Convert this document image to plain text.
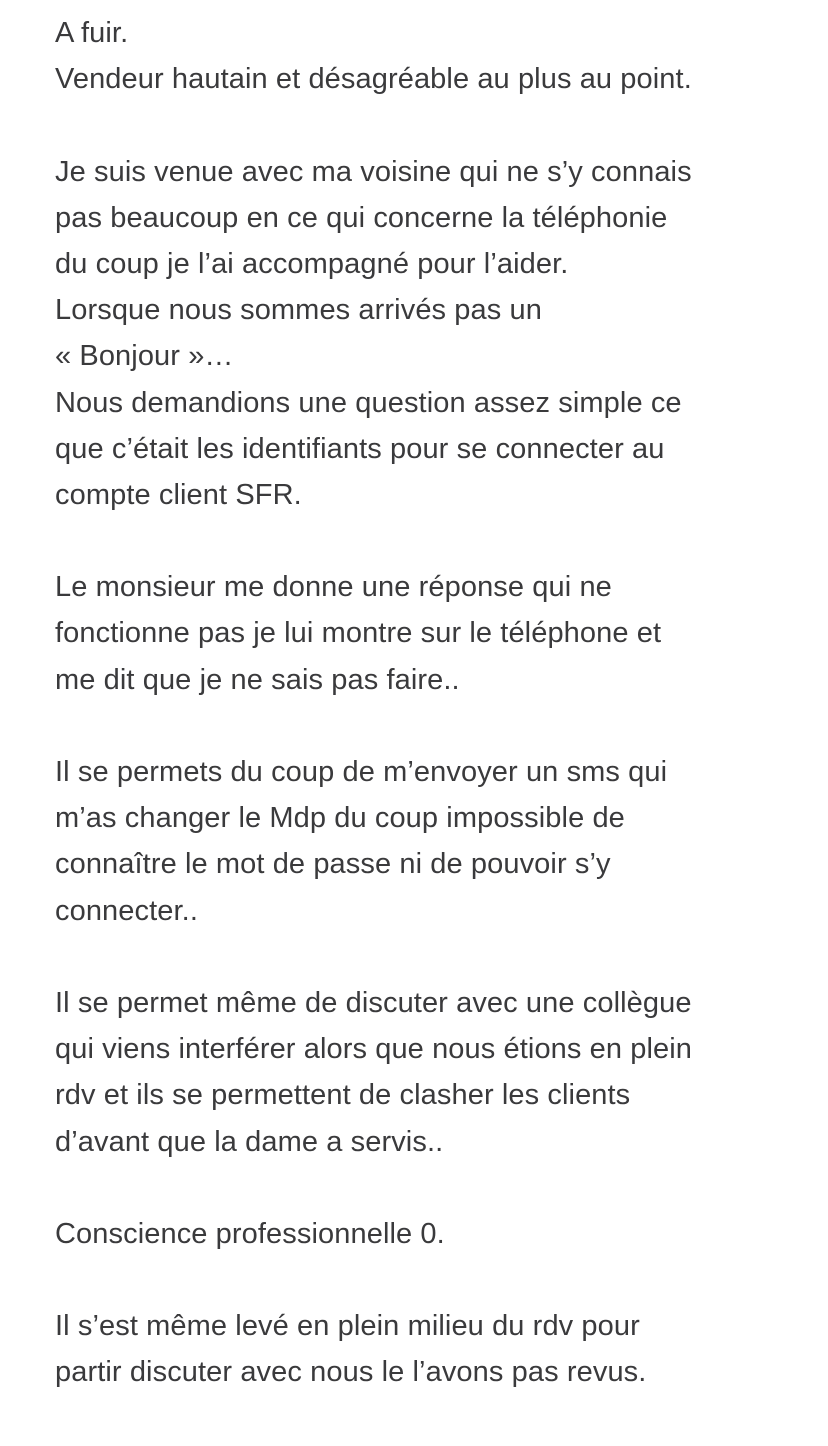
A fuir.
Vendeur hautain et désagréable au plus au point.
Je suis venue avec ma voisine qui ne s’y connais
pas beaucoup en ce qui concerne la téléphonie
du coup je l’ai accompagné pour l’aider.
Lorsque nous sommes arrivés pas un
« Bonjour »…
Nous demandions une question assez simple ce
que c’était les identifiants pour se connecter au
compte client SFR.
Le monsieur me donne une réponse qui ne
fonctionne pas je lui montre sur le téléphone et
me dit que je ne sais pas faire..
Il se permets du coup de m’envoyer un sms qui
m’as changer le Mdp du coup impossible de
connaître le mot de passe ni de pouvoir s’y
connecter..
Il se permet même de discuter avec une collègue
qui viens interférer alors que nous étions en plein
rdv et ils se permettent de clasher les clients
d’avant que la dame a servis..
Conscience professionnelle 0.
Il s’est même levé en plein milieu du rdv pour
partir discuter avec nous le l’avons pas revus.
